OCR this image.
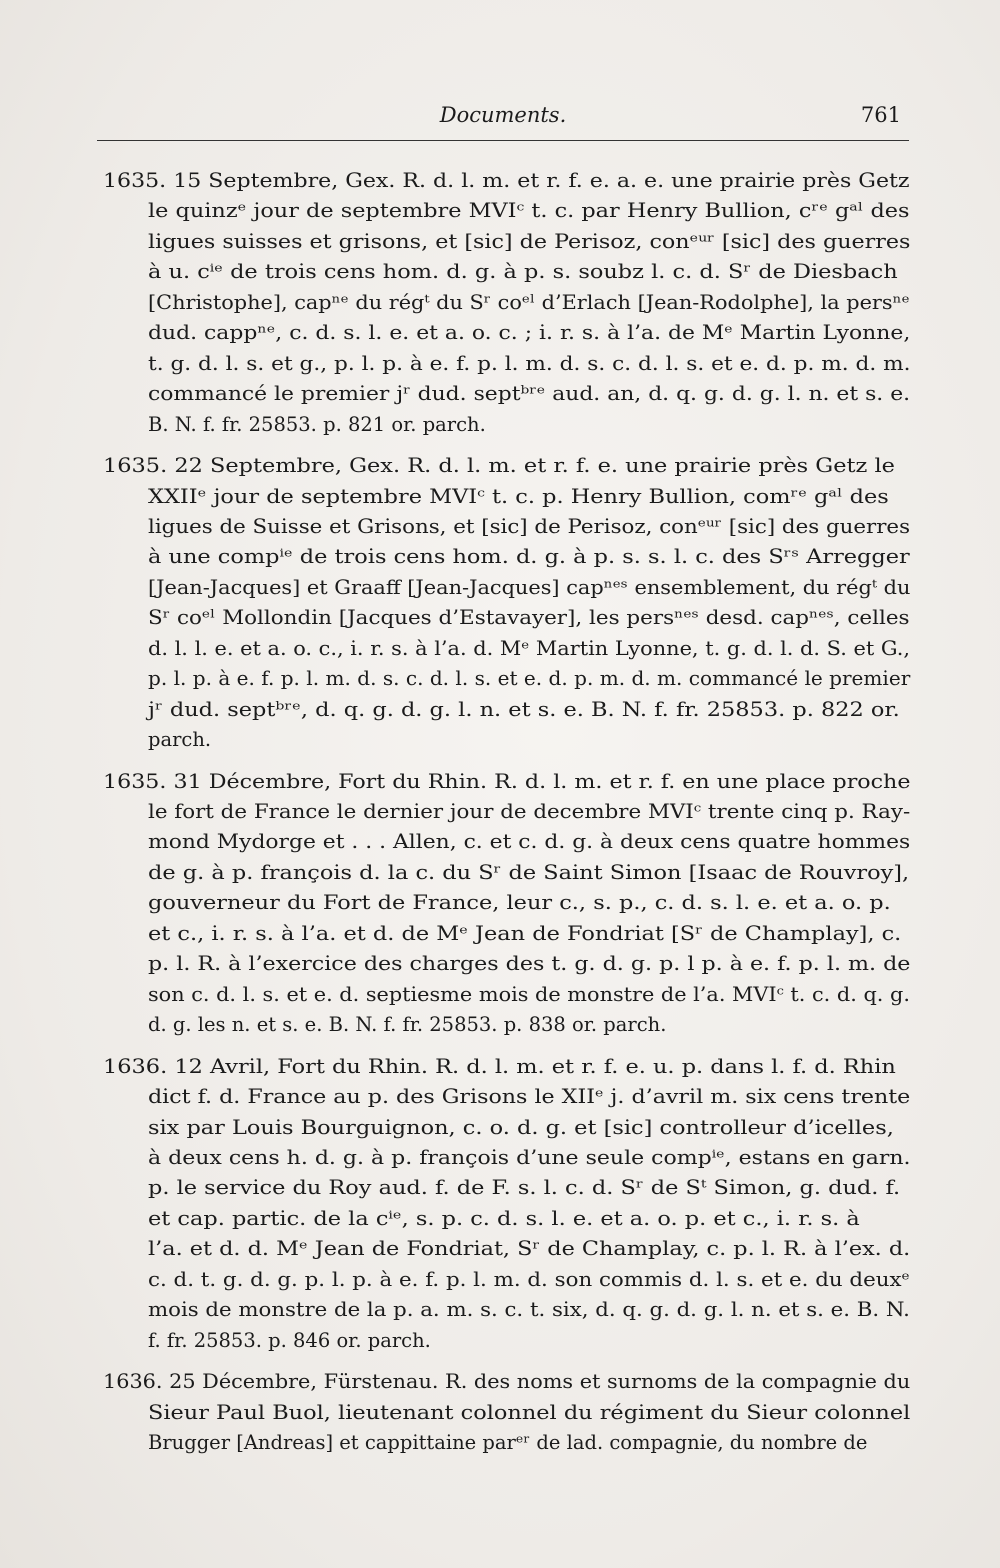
Documents.	761
1635. 15 Septembre, Gex. R. d. l. m. et r. f. e. a. e. une prairie près Getz
le quinzᵉ jour de septembre MVIᶜ t. c. par Henry Bullion, cʳᵉ gᵃˡ des
ligues suisses et grisons, et [sic] de Perisoz, conᵉᵘʳ [sic] des guerres
à u. cⁱᵉ de trois cens hom. d. g. à p. s. soubz l. c. d. Sʳ de Diesbach
[Christophe], capⁿᵉ du régᵗ du Sʳ coᵉˡ d’Erlach [Jean-Rodolphe], la persⁿᵉ
dud. cappⁿᵉ, c. d. s. l. e. et a. o. c. ; i. r. s. à l’a. de Mᵉ Martin Lyonne,
t. g. d. l. s. et g., p. l. p. à e. f. p. l. m. d. s. c. d. l. s. et e. d. p. m. d. m.
commancé le premier jʳ dud. septᵇʳᵉ aud. an, d. q. g. d. g. l. n. et s. e.
B. N. f. fr. 25853. p. 821 or. parch.
1635. 22 Septembre, Gex. R. d. l. m. et r. f. e. une prairie près Getz le
XXIIᵉ jour de septembre MVIᶜ t. c. p. Henry Bullion, comʳᵉ gᵃˡ des
ligues de Suisse et Grisons, et [sic] de Perisoz, conᵉᵘʳ [sic] des guerres
à une compⁱᵉ de trois cens hom. d. g. à p. s. s. l. c. des Sʳˢ Arregger
[Jean-Jacques] et Graaff [Jean-Jacques] capⁿᵉˢ ensemblement, du régᵗ du
Sʳ coᵉˡ Mollondin [Jacques d’Estavayer], les persⁿᵉˢ desd. capⁿᵉˢ, celles
d. l. l. e. et a. o. c., i. r. s. à l’a. d. Mᵉ Martin Lyonne, t. g. d. l. d. S. et G.,
p. l. p. à e. f. p. l. m. d. s. c. d. l. s. et e. d. p. m. d. m. commancé le premier
jʳ dud. septᵇʳᵉ, d. q. g. d. g. l. n. et s. e. B. N. f. fr. 25853. p. 822 or.
parch.
1635. 31 Décembre, Fort du Rhin. R. d. l. m. et r. f. en une place proche
le fort de France le dernier jour de decembre MVIᶜ trente cinq p. Ray-
mond Mydorge et . . . Allen, c. et c. d. g. à deux cens quatre hommes
de g. à p. françois d. la c. du Sʳ de Saint Simon [Isaac de Rouvroy],
gouverneur du Fort de France, leur c., s. p., c. d. s. l. e. et a. o. p.
et c., i. r. s. à l’a. et d. de Mᵉ Jean de Fondriat [Sʳ de Champlay], c.
p. l. R. à l’exercice des charges des t. g. d. g. p. l p. à e. f. p. l. m. de
son c. d. l. s. et e. d. septiesme mois de monstre de l’a. MVIᶜ t. c. d. q. g.
d. g. les n. et s. e. B. N. f. fr. 25853. p. 838 or. parch.
1636. 12 Avril, Fort du Rhin. R. d. l. m. et r. f. e. u. p. dans l. f. d. Rhin
dict f. d. France au p. des Grisons le XIIᵉ j. d’avril m. six cens trente
six par Louis Bourguignon, c. o. d. g. et [sic] controlleur d’icelles,
à deux cens h. d. g. à p. françois d’une seule compⁱᵉ, estans en garn.
p. le service du Roy aud. f. de F. s. l. c. d. Sʳ de Sᵗ Simon, g. dud. f.
et cap. partic. de la cⁱᵉ, s. p. c. d. s. l. e. et a. o. p. et c., i. r. s. à
l’a. et d. d. Mᵉ Jean de Fondriat, Sʳ de Champlay, c. p. l. R. à l’ex. d.
c. d. t. g. d. g. p. l. p. à e. f. p. l. m. d. son commis d. l. s. et e. du deuxᵉ
mois de monstre de la p. a. m. s. c. t. six, d. q. g. d. g. l. n. et s. e. B. N.
f. fr. 25853. p. 846 or. parch.
1636. 25 Décembre, Fürstenau. R. des noms et surnoms de la compagnie du
Sieur Paul Buol, lieutenant colonnel du régiment du Sieur colonnel
Brugger [Andreas] et cappittaine parᵉʳ de lad. compagnie, du nombre de
